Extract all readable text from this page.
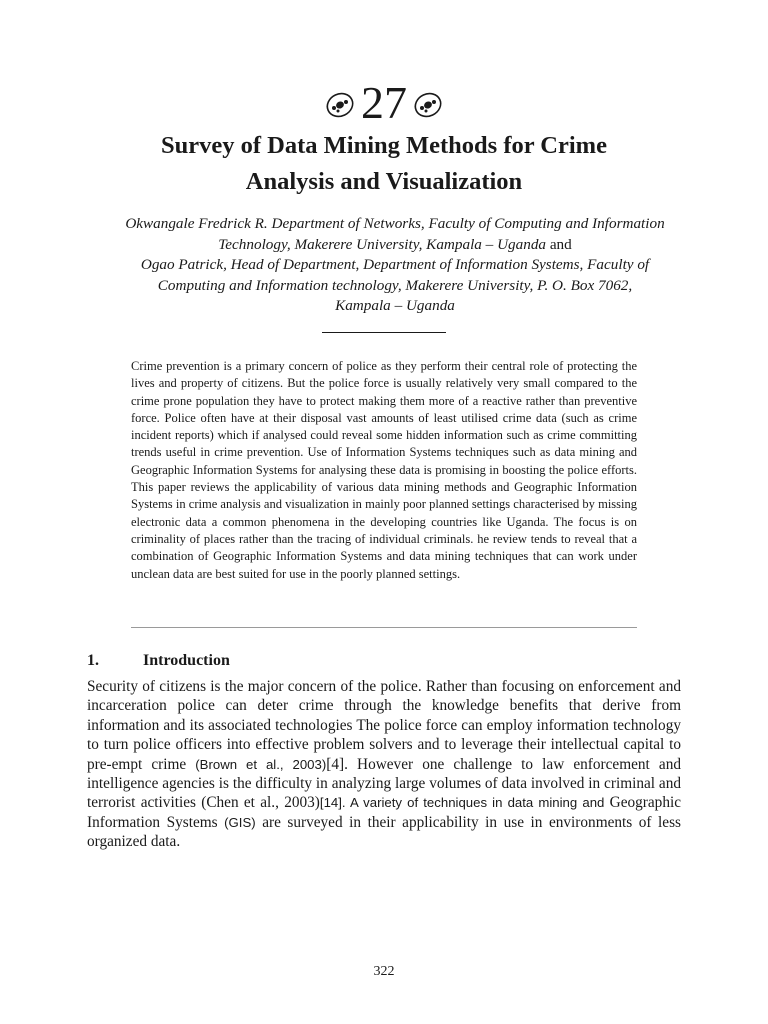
27
Survey of Data Mining Methods for Crime
Analysis and Visualization
Okwangale Fredrick R. Department of Networks, Faculty of Computing and Information
Technology, Makerere University, Kampala – Uganda and
Ogao Patrick, Head of Department, Department of Information Systems, Faculty of
Computing and Information technology, Makerere University, P. O. Box 7062,
Kampala – Uganda

Crime prevention is a primary concern of police as they perform their central role of protecting the lives and property of citizens. But the police force is usually relatively very small compared to the crime prone population they have to protect making them more of a reactive rather than preventive force. Police often have at their disposal vast amounts of least utilised crime data (such as crime incident reports) which if analysed could reveal some hidden information such as crime committing trends useful in crime prevention. Use of Information Systems techniques such as data mining and Geographic Information Systems for analysing these data is promising in boosting the police efforts. This paper reviews the applicability of various data mining methods and Geographic Information Systems in crime analysis and visualization in mainly poor planned settings characterised by missing electronic data a common phenomena in the developing countries like Uganda. The focus is on criminality of places rather than the tracing of individual criminals. he review tends to reveal that a combination of Geographic Information Systems and data mining techniques that can work under unclean data are best suited for use in the poorly planned settings.

1.	Introduction

Security of citizens is the major concern of the police. Rather than focusing on enforcement and incarceration police can deter crime through the knowledge benefits that derive from information and its associated technologies The police force can employ information technology to turn police officers into effective problem solvers and to leverage their intellectual capital to pre-empt crime (Brown et al., 2003)[4]. However one challenge to law enforcement and intelligence agencies is the difficulty in analyzing large volumes of data involved in criminal and terrorist activities (Chen et al., 2003)[14]. A variety of techniques in data mining and Geographic Information Systems (GIS) are surveyed in their applicability in use in environments of less organized data.

322
